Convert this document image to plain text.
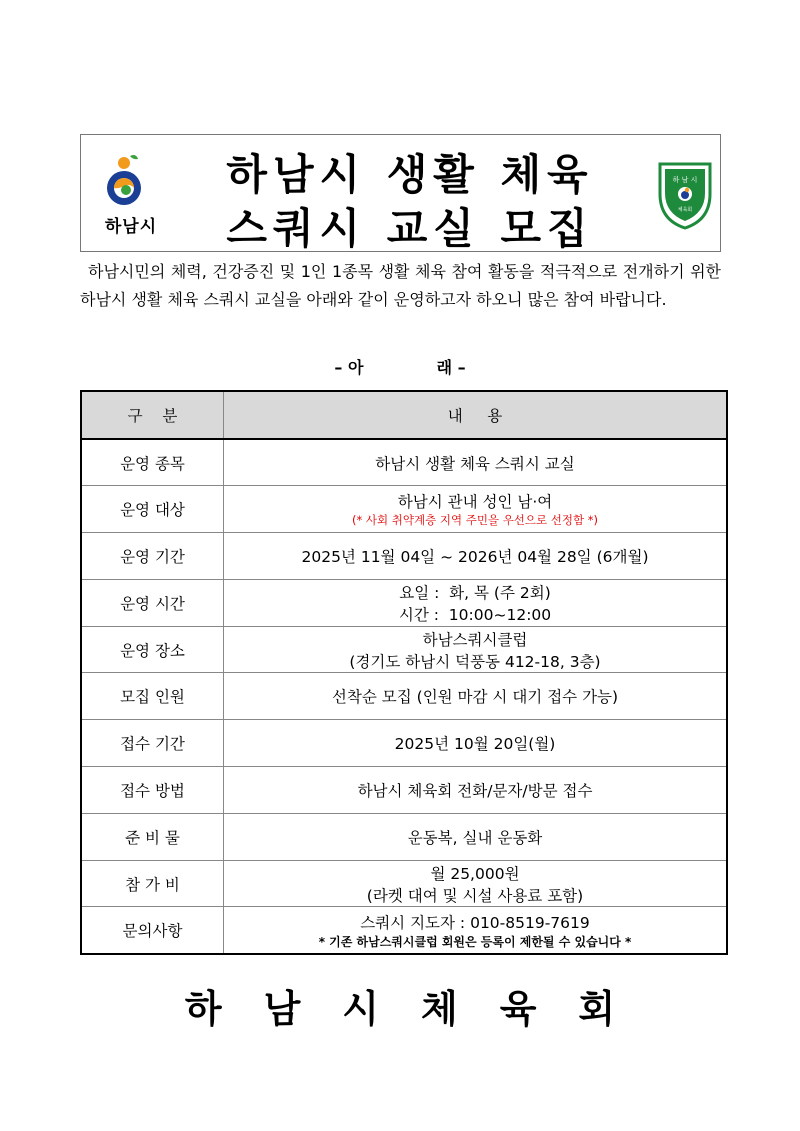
하남시
하남시 생활 체육
스쿼시 교실 모집
하 남 시
체육회

하남시민의 체력, 건강증진 및 1인 1종목 생활 체육 참여 활동을 적극적으로 전개하기 위한 하남시 생활 체육 스쿼시 교실을 아래와 같이 운영하고자 하오니 많은 참여 바랍니다.

– 아	래 –
구    분	내     용
운영 종목	하남시 생활 체육 스쿼시 교실

운영 대상	하남시 관내 성인 남·여
(* 사회 취약계층 지역 주민을 우선으로 선정함 *)

운영 기간	2025년 11월 04일 ~ 2026년 04월 28일 (6개월)

운영 시간	요일 :  화, 목 (주 2회)
시간 :  10:00~12:00

운영 장소	하남스쿼시클럽
(경기도 하남시 덕풍동 412-18, 3층)

모집 인원	선착순 모집 (인원 마감 시 대기 접수 가능)

접수 기간	2025년 10월 20일(월)

접수 방법	하남시 체육회 전화/문자/방문 접수

준 비 물	운동복, 실내 운동화

참 가 비	월 25,000원
(라켓 대여 및 시설 사용료 포함)

문의사항	스쿼시 지도자 : 010-8519-7619
* 기존 하남스쿼시클럽 회원은 등록이 제한될 수 있습니다 *
하남시체육회
